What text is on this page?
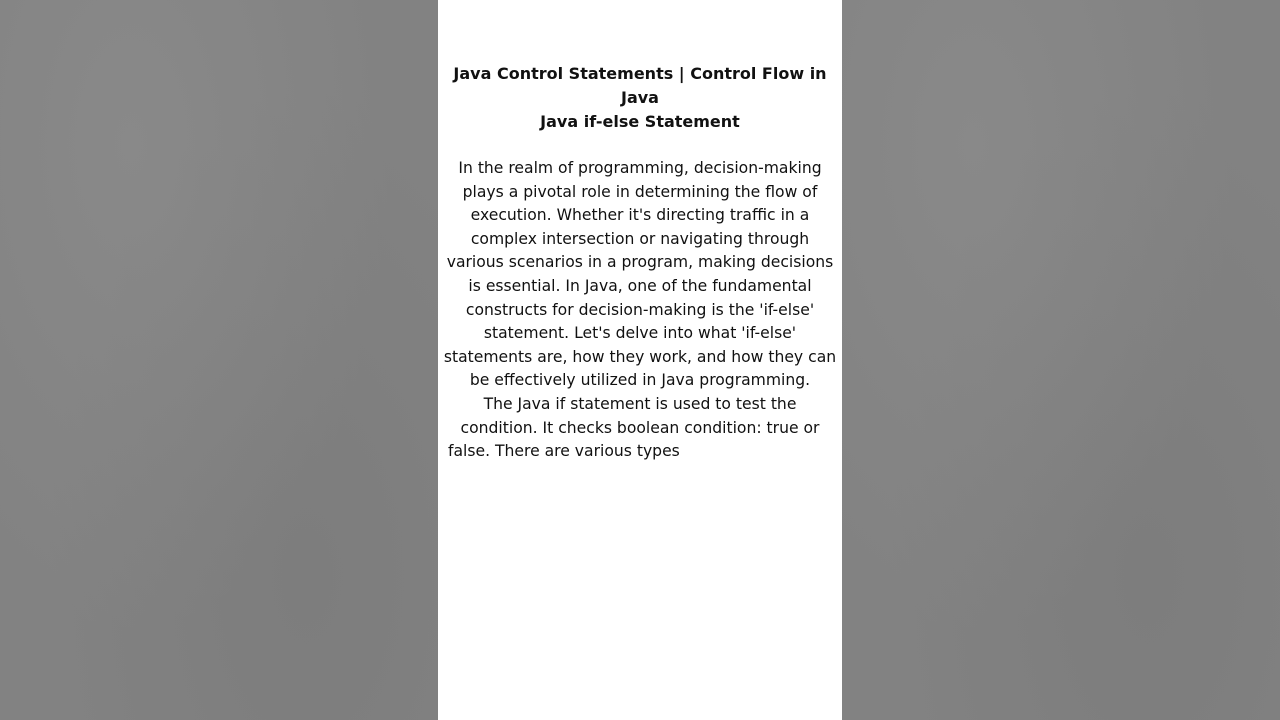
Java Control Statements | Control Flow in Java
Java if-else Statement

In the realm of programming, decision-making
plays a pivotal role in determining the flow of
execution. Whether it's directing traffic in a
complex intersection or navigating through
various scenarios in a program, making decisions
is essential. In Java, one of the fundamental
constructs for decision-making is the 'if-else'
statement. Let's delve into what 'if-else'
statements are, how they work, and how they can
be effectively utilized in Java programming.
The Java if statement is used to test the
condition. It checks boolean condition: true or
false. There are various types
